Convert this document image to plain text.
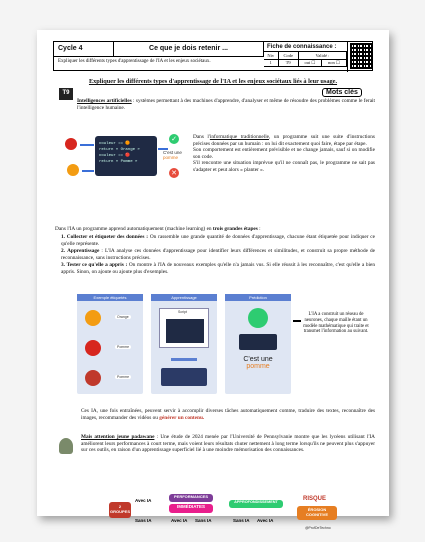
Cycle 4	Ce que je dois retenir ...
Expliquer les différents types d'apprentissage de l'IA et les enjeux sociétaux.
Fiche de connaissance :
Niv	Code	Validé :	
1	T9	oui ☐	non ☐
Expliquer les différents types d'apprentissage de l'IA et les enjeux sociétaux liés à leur usage.
T9	Mots clés
Intelligences artificielles : systèmes permettant à des machines d'apprendre, d'analyser et même de résoudre des problèmes comme le ferait l'intelligence humaine.
couleur == 🟠
return « Orange »
couleur == 🔴
return « Pomme »
✓
C'est une
pomme
✕
Dans l'informatique traditionnelle, un programme suit une suite d'instructions précises données par un humain : on lui dit exactement quoi faire, étape par étape.
Son comportement est entièrement prévisible et ne change jamais, sauf si on modifie son code.
S'il rencontre une situation imprévue qu'il ne connaît pas, le programme ne sait pas s'adapter et peut alors « planter ».
Dans l'IA un programme apprend automatiquement (machine learning) en trois grandes étapes :
1. Collecter et étiqueter des données : On rassemble une grande quantité de données d'apprentissage, chacune étant étiquetée pour indiquer ce qu'elle représente.
2. Apprentissage : L'IA analyse ces données d'apprentissage pour identifier leurs différences et similitudes, et construit sa propre méthode de reconnaissance, sans instructions précises.
3. Tester ce qu'elle a appris : On montre à l'IA de nouveaux exemples qu'elle n'a jamais vus. Si elle réussit à les reconnaître, c'est qu'elle a bien appris. Sinon, on ajoute ou ajoute plus d'exemples.
Exemple étiquetés
Orange
Pomme
Pomme
Apprentissage
Script
Prédiction
C'est une
pomme
L'IA a construit un réseau de neurones, chaque maille étant un modèle mathématique qui traite et transmet l'information au suivant.
Ces IA, une fois entraînées, peuvent servir à accomplir diverses tâches automatiquement comme, traduire des textes, reconnaître des images, recommander des vidéos ou générer un contenu.
Mais attention jeune padawane : Une étude de 2024 menée par l'Université de Pennsylvanie montre que les lycéens utilisant l'IA améliorent leurs performances à court terme, mais voient leurs résultats chuter nettement à long terme lorsqu'ils ne peuvent plus s'appuyer sur ces outils, en raison d'un apprentissage superficiel lié à une moindre mémorisation des connaissances.
2 GROUPES
Avec IA
Sans IA
PERFORMANCES
IMMÉDIATES
Avec IA Sans IA
APPROFONDISSEMENT
Sans IA Avec IA
RISQUE
ÉROSION COGNITIVE
@ProfDeTechno
